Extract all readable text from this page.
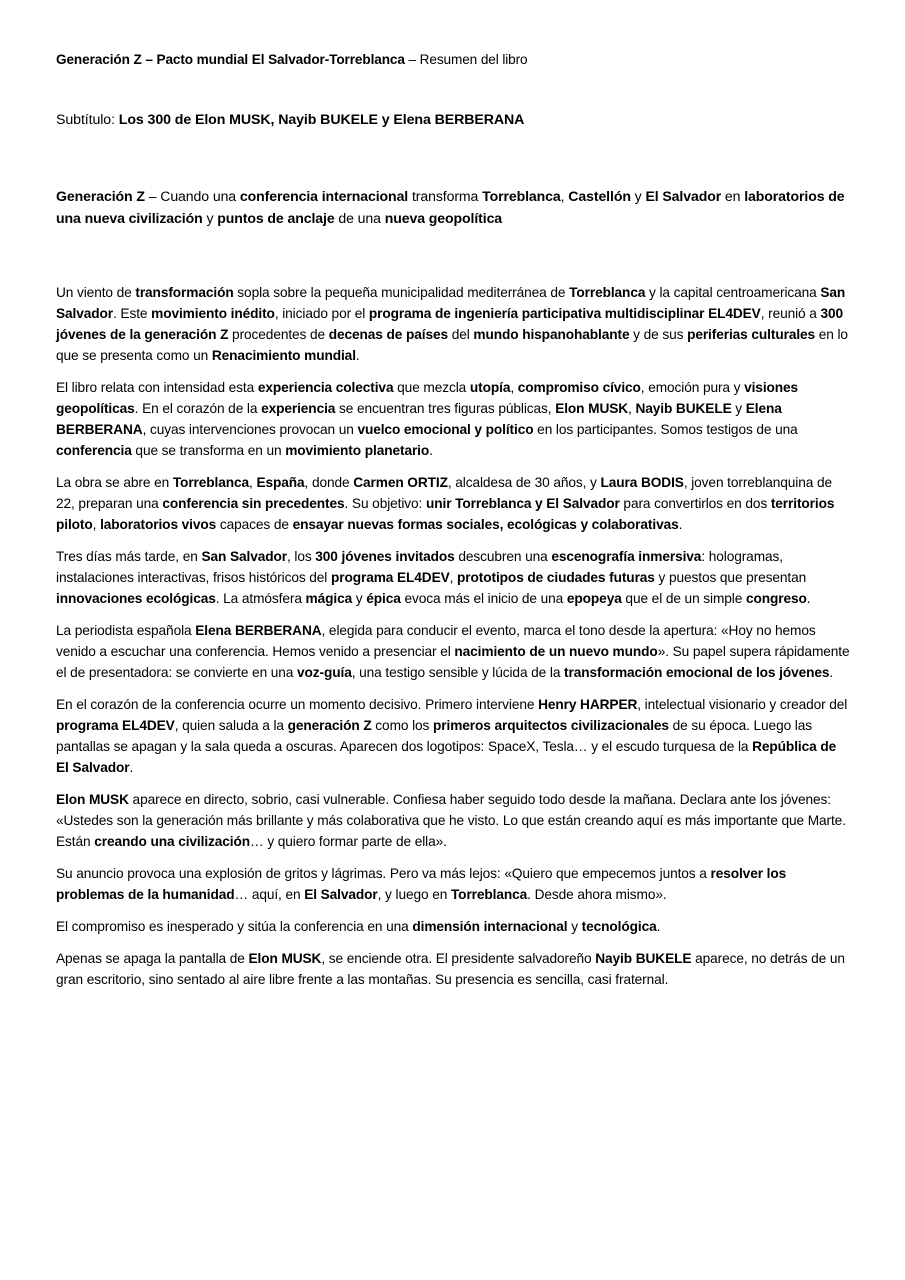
Generación Z – Pacto mundial El Salvador-Torreblanca – Resumen del libro

Subtítulo: Los 300 de Elon MUSK, Nayib BUKELE y Elena BERBERANA

Generación Z – Cuando una conferencia internacional transforma Torreblanca, Castellón y El Salvador en laboratorios de una nueva civilización y puntos de anclaje de una nueva geopolítica

Un viento de transformación sopla sobre la pequeña municipalidad mediterránea de Torreblanca y la capital centroamericana San Salvador. Este movimiento inédito, iniciado por el programa de ingeniería participativa multidisciplinar EL4DEV, reunió a 300 jóvenes de la generación Z procedentes de decenas de países del mundo hispanohablante y de sus periferias culturales en lo que se presenta como un Renacimiento mundial.

El libro relata con intensidad esta experiencia colectiva que mezcla utopía, compromiso cívico, emoción pura y visiones geopolíticas. En el corazón de la experiencia se encuentran tres figuras públicas, Elon MUSK, Nayib BUKELE y Elena BERBERANA, cuyas intervenciones provocan un vuelco emocional y político en los participantes. Somos testigos de una conferencia que se transforma en un movimiento planetario.

La obra se abre en Torreblanca, España, donde Carmen ORTIZ, alcaldesa de 30 años, y Laura BODIS, joven torreblanquina de 22, preparan una conferencia sin precedentes. Su objetivo: unir Torreblanca y El Salvador para convertirlos en dos territorios piloto, laboratorios vivos capaces de ensayar nuevas formas sociales, ecológicas y colaborativas.

Tres días más tarde, en San Salvador, los 300 jóvenes invitados descubren una escenografía inmersiva: hologramas, instalaciones interactivas, frisos históricos del programa EL4DEV, prototipos de ciudades futuras y puestos que presentan innovaciones ecológicas. La atmósfera mágica y épica evoca más el inicio de una epopeya que el de un simple congreso.

La periodista española Elena BERBERANA, elegida para conducir el evento, marca el tono desde la apertura: «Hoy no hemos venido a escuchar una conferencia. Hemos venido a presenciar el nacimiento de un nuevo mundo». Su papel supera rápidamente el de presentadora: se convierte en una voz-guía, una testigo sensible y lúcida de la transformación emocional de los jóvenes.

En el corazón de la conferencia ocurre un momento decisivo. Primero interviene Henry HARPER, intelectual visionario y creador del programa EL4DEV, quien saluda a la generación Z como los primeros arquitectos civilizacionales de su época. Luego las pantallas se apagan y la sala queda a oscuras. Aparecen dos logotipos: SpaceX, Tesla… y el escudo turquesa de la República de El Salvador.

Elon MUSK aparece en directo, sobrio, casi vulnerable. Confiesa haber seguido todo desde la mañana. Declara ante los jóvenes: «Ustedes son la generación más brillante y más colaborativa que he visto. Lo que están creando aquí es más importante que Marte. Están creando una civilización… y quiero formar parte de ella».

Su anuncio provoca una explosión de gritos y lágrimas. Pero va más lejos: «Quiero que empecemos juntos a resolver los problemas de la humanidad… aquí, en El Salvador, y luego en Torreblanca. Desde ahora mismo».

El compromiso es inesperado y sitúa la conferencia en una dimensión internacional y tecnológica.

Apenas se apaga la pantalla de Elon MUSK, se enciende otra. El presidente salvadoreño Nayib BUKELE aparece, no detrás de un gran escritorio, sino sentado al aire libre frente a las montañas. Su presencia es sencilla, casi fraternal.
